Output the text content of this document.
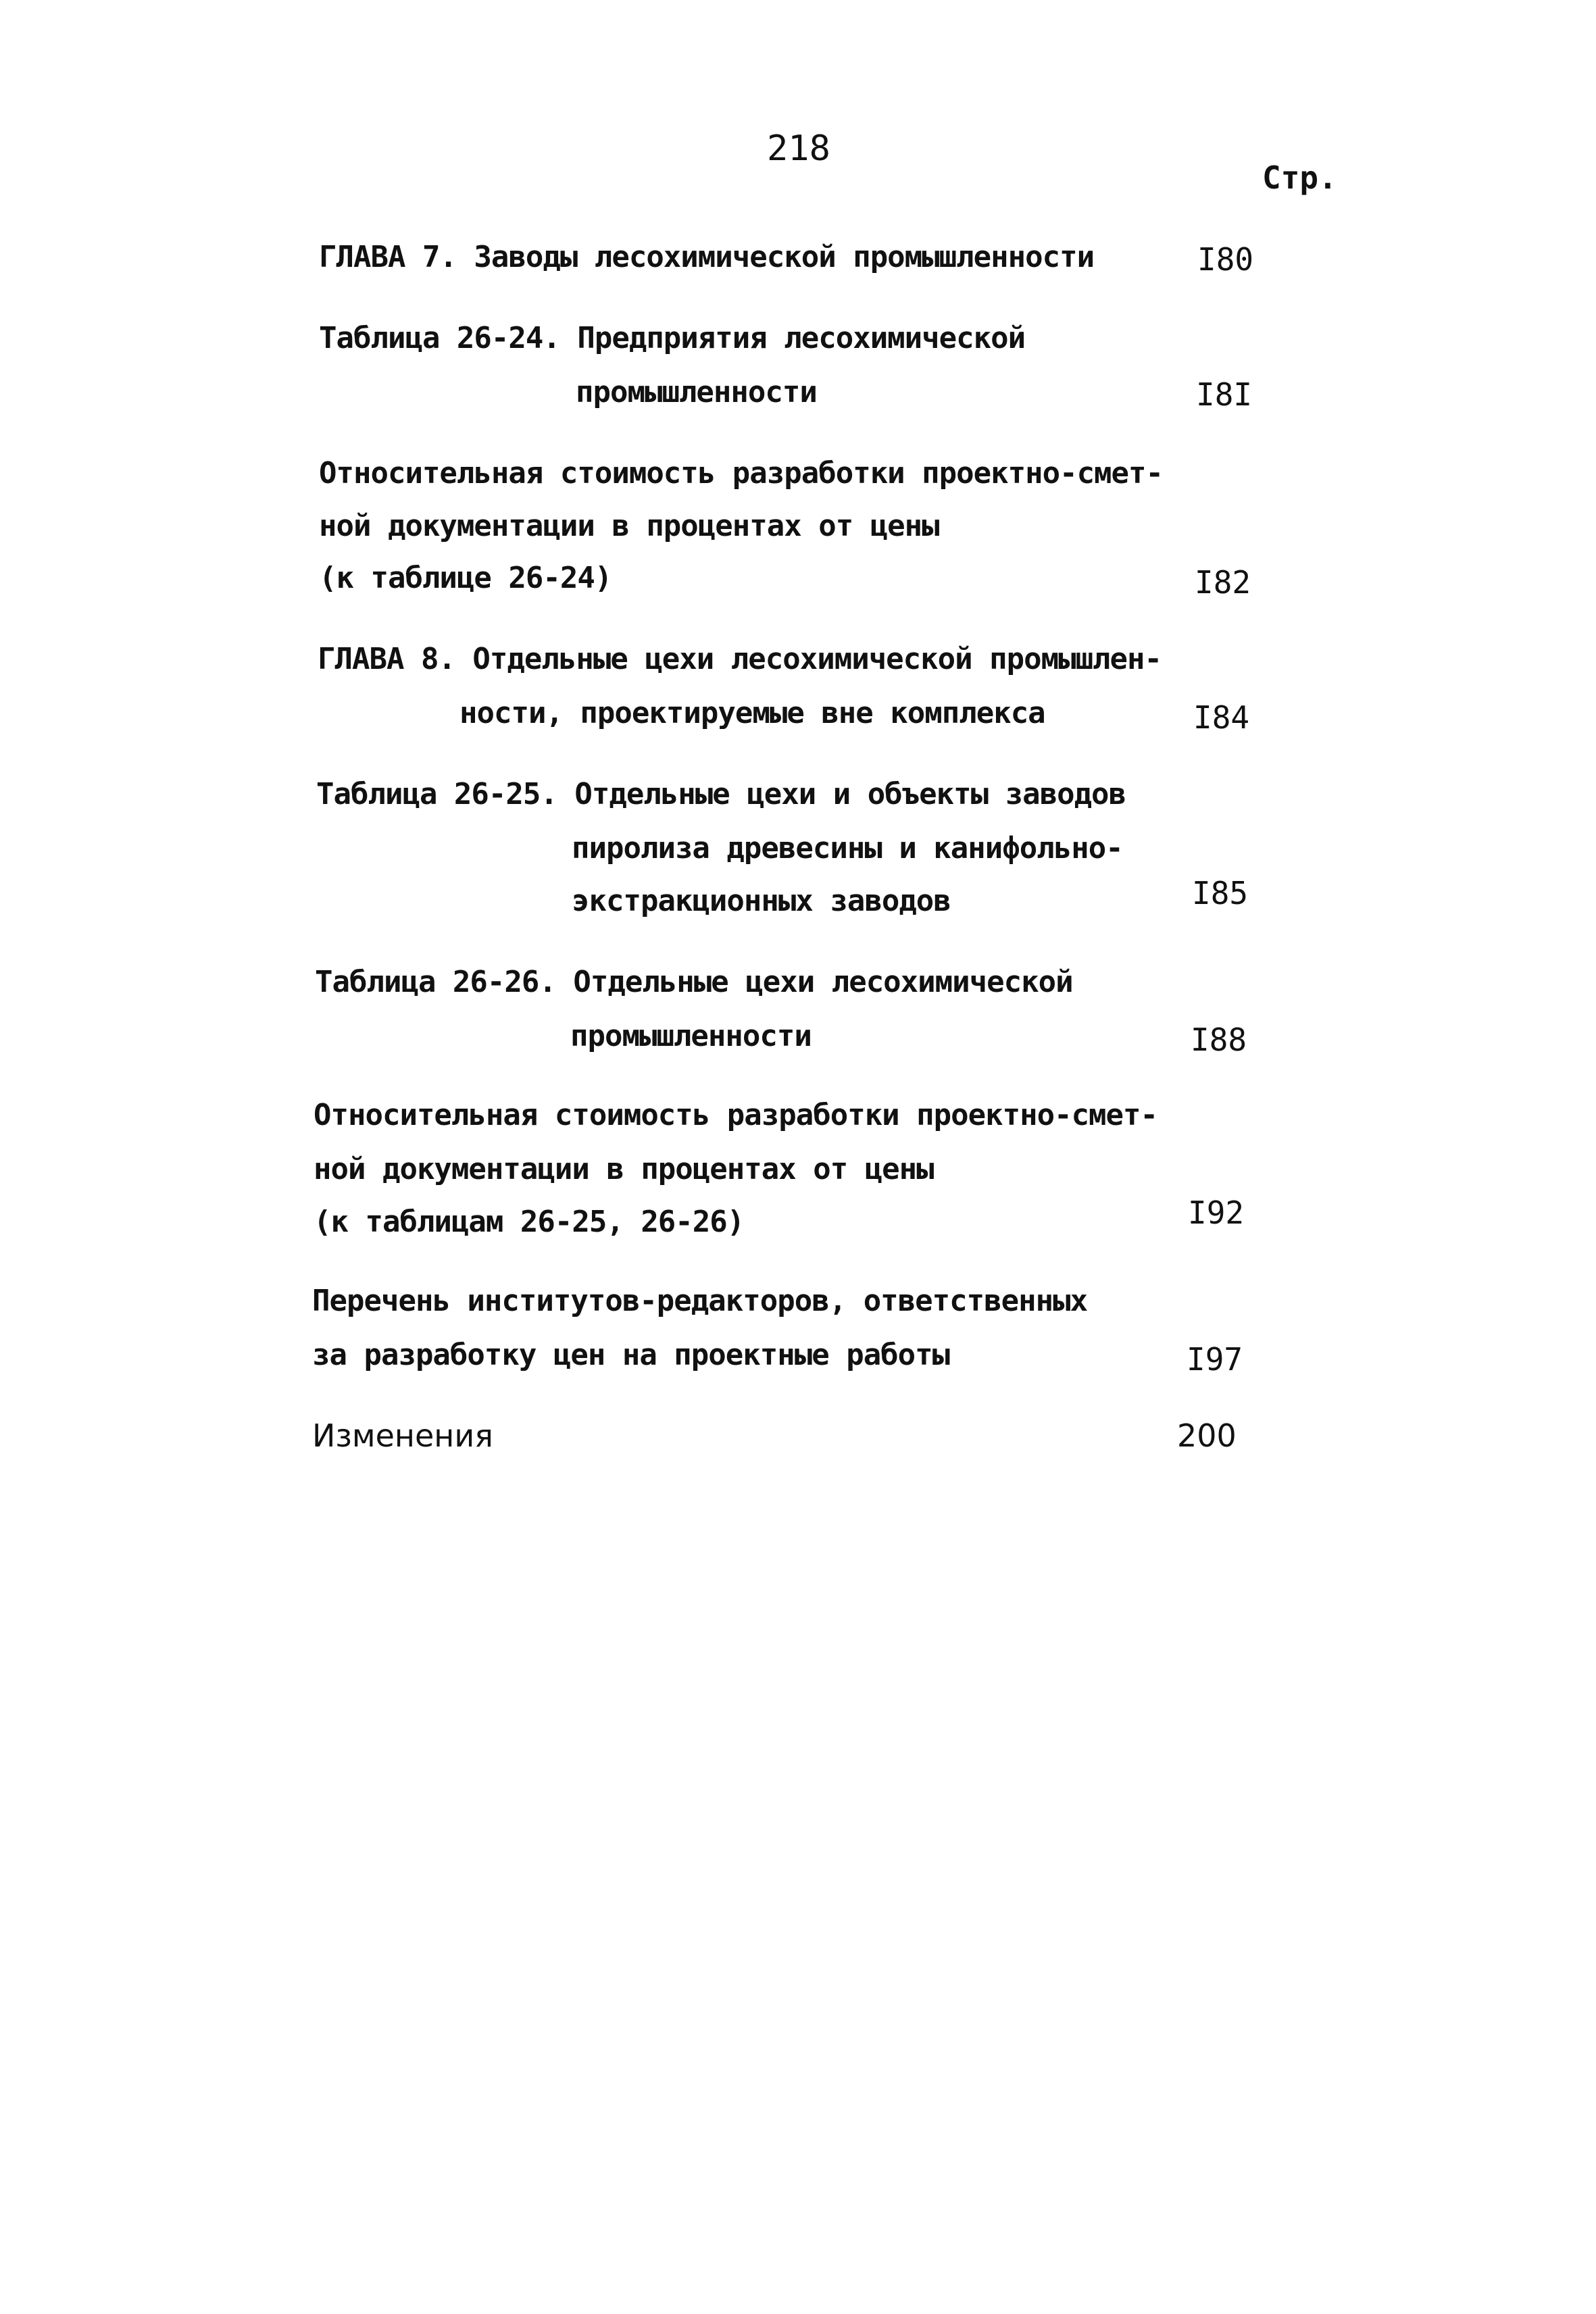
218
Стр.
ГЛАВА 7. Заводы лесохимической промышленности	I80
Таблица 26-24. Предприятия лесохимической
промышленности	I8I
Относительная стоимость разработки проектно-смет-
ной документации в процентах от цены
(к таблице 26-24)	I82
ГЛАВА 8. Отдельные цехи лесохимической промышлен-
ности, проектируемые вне комплекса	I84
Таблица 26-25. Отдельные цехи и объекты заводов
пиролиза древесины и канифольно-
экстракционных заводов	I85
Таблица 26-26. Отдельные цехи лесохимической
промышленности	I88
Относительная стоимость разработки проектно-смет-
ной документации в процентах от цены
(к таблицам 26-25, 26-26)	I92
Перечень институтов-редакторов, ответственных
за разработку цен на проектные работы	I97
Изменения	200
